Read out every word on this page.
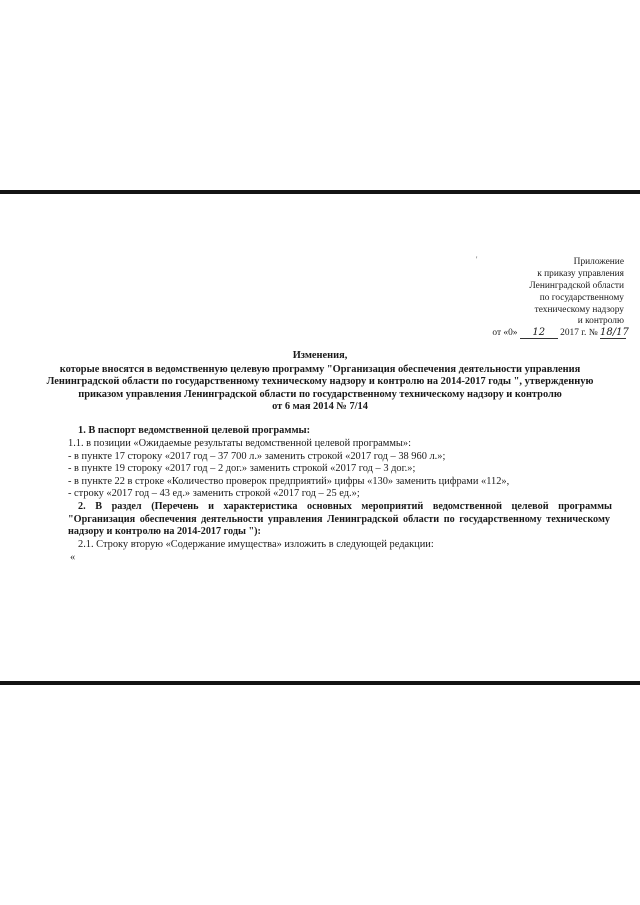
'	Приложение
к приказу управления
Ленинградской области
по государственному
техническому надзору
и контролю
от «0» 12 2017 г. № 18/17
Изменения,
которые вносятся в ведомственную целевую программу "Организация обеспечения деятельности управления
Ленинградской области по государственному техническому надзору и контролю на 2014-2017 годы ", утвержденную
приказом управления Ленинградской области по государственному техническому надзору и контролю
от 6 мая 2014 № 7/14
1. В паспорт ведомственной целевой программы:
1.1. в позиции «Ожидаемые результаты ведомственной целевой программы»:
- в пункте 17 стороку «2017 год – 37 700 л.» заменить строкой «2017 год – 38 960 л.»;
- в пункте 19 стороку «2017 год – 2 дог.» заменить строкой «2017 год – 3 дог.»;
- в пункте 22 в строке «Количество проверок предприятий» цифры «130» заменить цифрами «112»,
- строку «2017 год – 43 ед.» заменить строкой «2017 год – 25 ед.»;
2. В раздел (Перечень и характеристика основных мероприятий ведомственной целевой программы
"Организация обеспечения деятельности управления Ленинградской области по государственному техническому
надзору и контролю на 2014-2017 годы "):
2.1. Строку вторую «Содержание имущества» изложить в следующей редакции:
«
